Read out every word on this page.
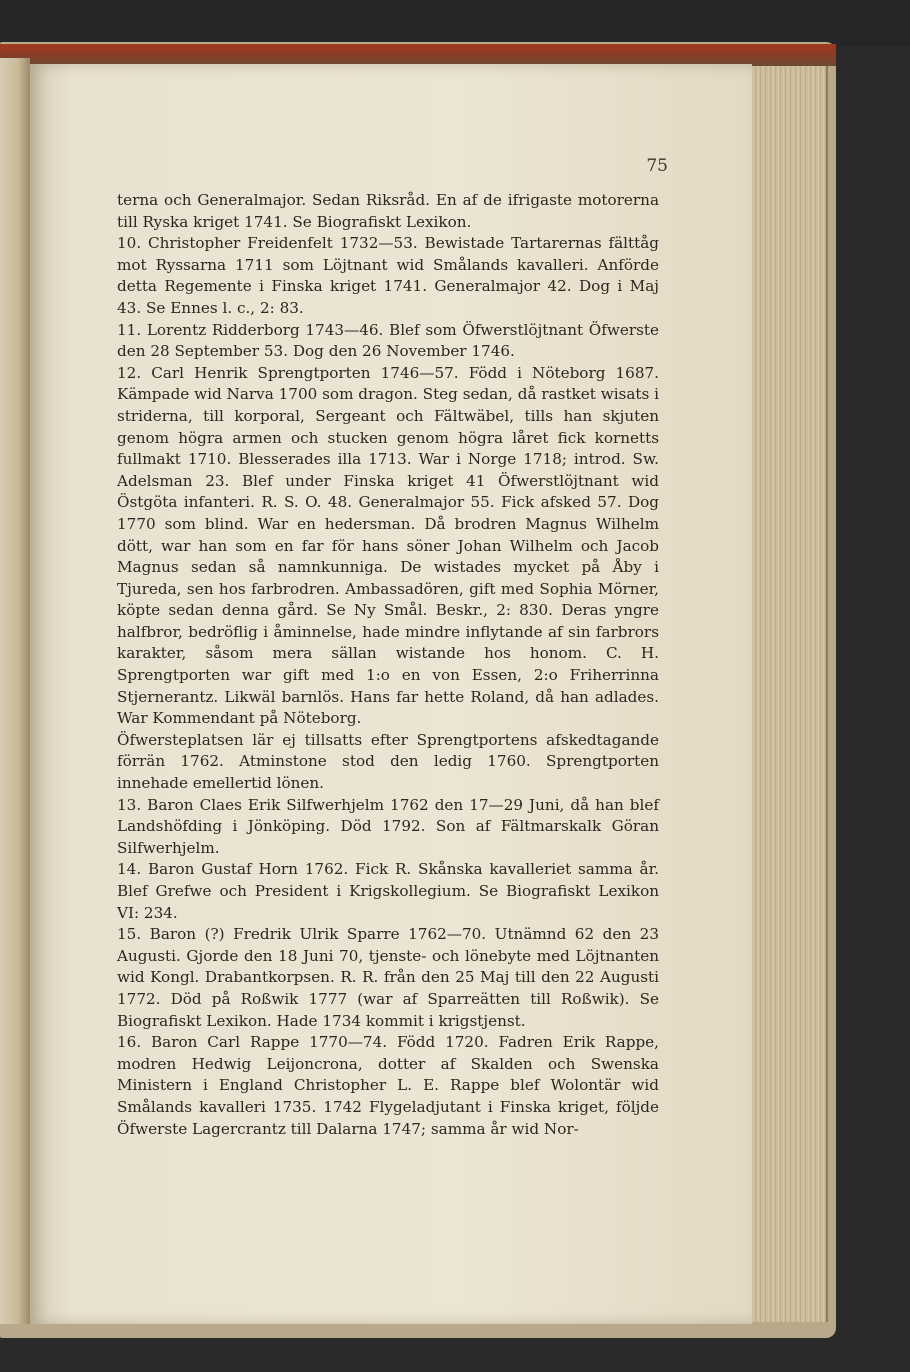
75

terna och Generalmajor. Sedan Riksråd. En af de ifrigaste motorerna till Ryska kriget 1741. Se Biografiskt Lexikon.

10. Christopher Freidenfelt 1732—53. Bewistade Tartarernas fälttåg mot Ryssarna 1711 som Löjtnant wid Smålands kavalleri. Anförde detta Regemente i Finska kriget 1741. Generalmajor 42. Dog i Maj 43. Se Ennes l. c., 2: 83.

11. Lorentz Ridderborg 1743—46. Blef som Öfwerstlöjtnant Öfwerste den 28 September 53. Dog den 26 November 1746.

12. Carl Henrik Sprengtporten 1746—57. Född i Nöteborg 1687. Kämpade wid Narva 1700 som dragon. Steg sedan, då rastket wisats i striderna, till korporal, Sergeant och Fältwäbel, tills han skjuten genom högra armen och stucken genom högra låret fick kornetts fullmakt 1710. Blesserades illa 1713. War i Norge 1718; introd. Sw. Adelsman 23. Blef under Finska kriget 41 Öfwerstlöjtnant wid Östgöta infanteri. R. S. O. 48. Generalmajor 55. Fick afsked 57. Dog 1770 som blind. War en hedersman. Då brodren Magnus Wilhelm dött, war han som en far för hans söner Johan Wilhelm och Jacob Magnus sedan så namnkunniga. De wistades mycket på Åby i Tjureda, sen hos farbrodren. Ambassadören, gift med Sophia Mörner, köpte sedan denna gård. Se Ny Smål. Beskr., 2: 830. Deras yngre halfbror, bedröflig i åminnelse, hade mindre inflytande af sin farbrors karakter, såsom mera sällan wistande hos honom. C. H. Sprengtporten war gift med 1:o en von Essen, 2:o Friherrinna Stjernerantz. Likwäl barnlös. Hans far hette Roland, då han adlades. War Kommendant på Nöteborg.

Öfwersteplatsen lär ej tillsatts efter Sprengtportens afskedtagande förrän 1762. Atminstone stod den ledig 1760. Sprengtporten innehade emellertid lönen.

13. Baron Claes Erik Silfwerhjelm 1762 den 17—29 Juni, då han blef Landshöfding i Jönköping. Död 1792. Son af Fältmarskalk Göran Silfwerhjelm.

14. Baron Gustaf Horn 1762. Fick R. Skånska kavalleriet samma år. Blef Grefwe och President i Krigskollegium. Se Biografiskt Lexikon VI: 234.

15. Baron (?) Fredrik Ulrik Sparre 1762—70. Utnämnd 62 den 23 Augusti. Gjorde den 18 Juni 70, tjenste- och lönebyte med Löjtnanten wid Kongl. Drabantkorpsen. R. R. från den 25 Maj till den 22 Augusti 1772. Död på Roßwik 1777 (war af Sparreätten till Roßwik). Se Biografiskt Lexikon. Hade 1734 kommit i krigstjenst.

16. Baron Carl Rappe 1770—74. Född 1720. Fadren Erik Rappe, modren Hedwig Leijoncrona, dotter af Skalden och Swenska Ministern i England Christopher L. E. Rappe blef Wolontär wid Smålands kavalleri 1735. 1742 Flygeladjutant i Finska kriget, följde Öfwerste Lagercrantz till Dalarna 1747; samma år wid Nor-
